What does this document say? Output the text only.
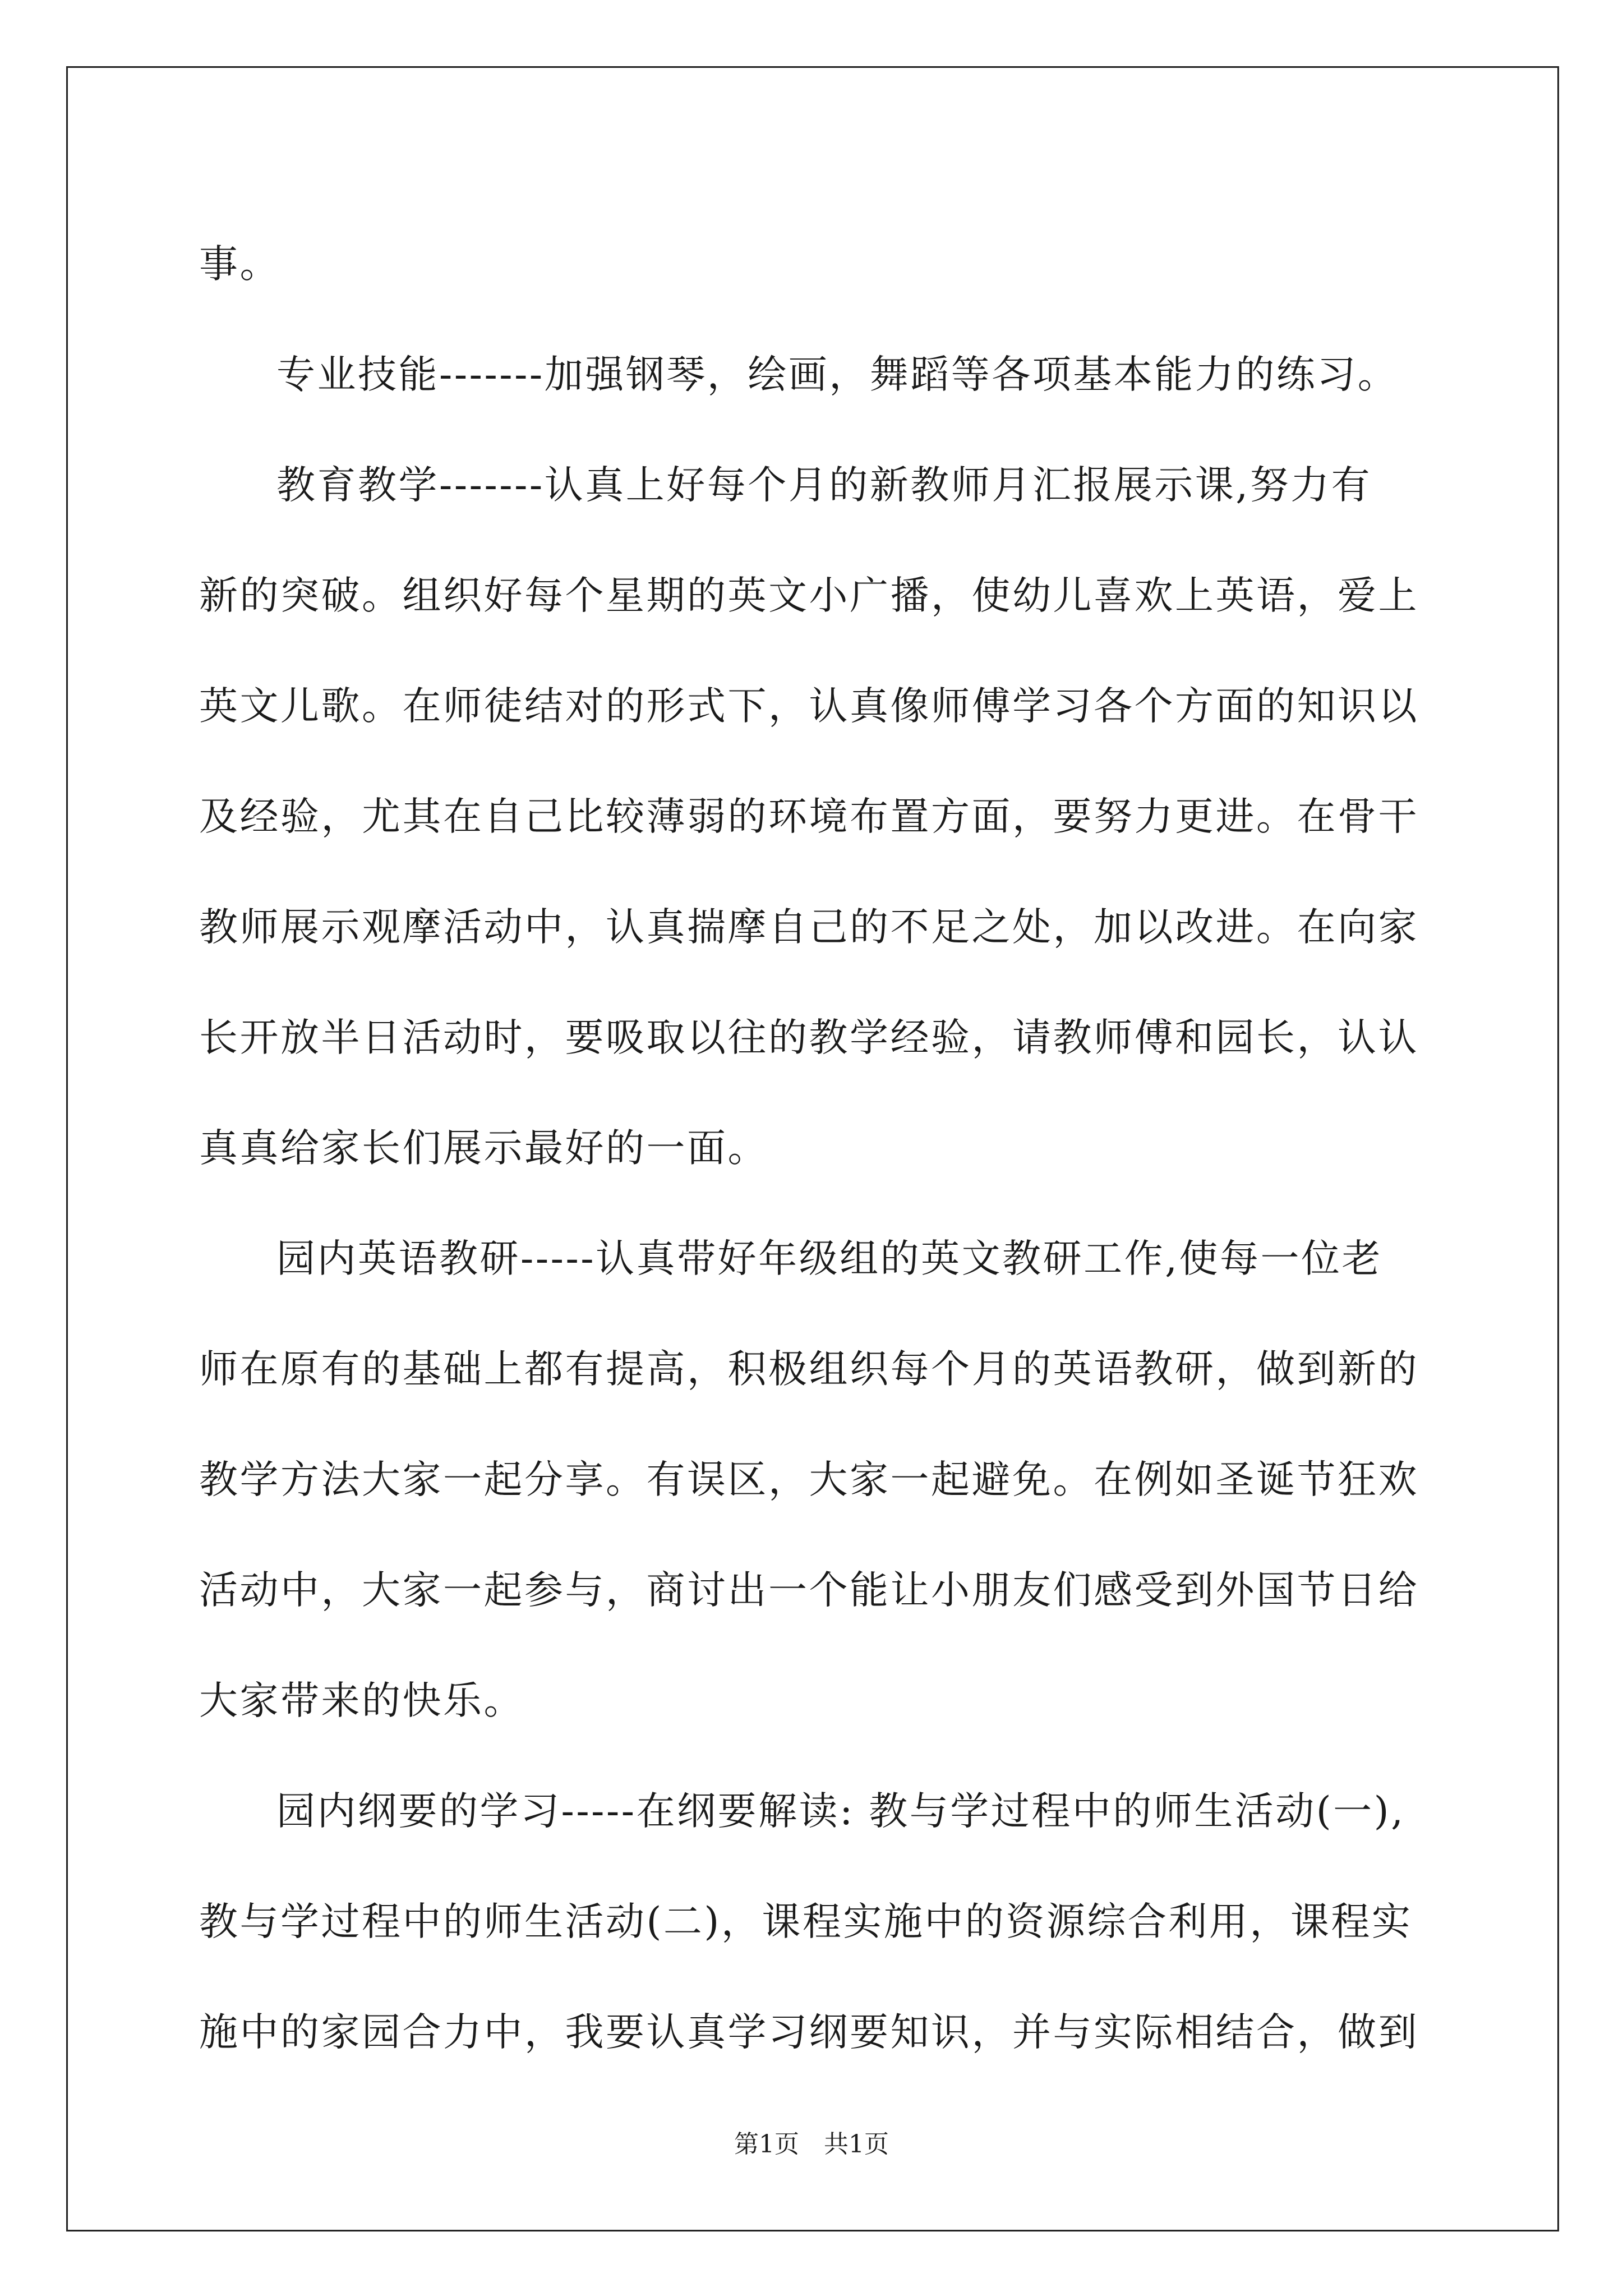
事。
专业技能-------加强钢琴，绘画，舞蹈等各项基本能力的练习。
教育教学-------认真上好每个月的新教师月汇报展示课,努力有
新的突破。组织好每个星期的英文小广播，使幼儿喜欢上英语，爱上
英文儿歌。在师徒结对的形式下，认真像师傅学习各个方面的知识以
及经验，尤其在自己比较薄弱的环境布置方面，要努力更进。在骨干
教师展示观摩活动中，认真揣摩自己的不足之处，加以改进。在向家
长开放半日活动时，要吸取以往的教学经验，请教师傅和园长，认认
真真给家长们展示最好的一面。
园内英语教研-----认真带好年级组的英文教研工作,使每一位老
师在原有的基础上都有提高，积极组织每个月的英语教研，做到新的
教学方法大家一起分享。有误区，大家一起避免。在例如圣诞节狂欢
活动中，大家一起参与，商讨出一个能让小朋友们感受到外国节日给
大家带来的快乐。
园内纲要的学习-----在纲要解读: 教与学过程中的师生活动(一),
教与学过程中的师生活动(二)，课程实施中的资源综合利用，课程实
施中的家园合力中，我要认真学习纲要知识，并与实际相结合，做到
第1页　共1页
